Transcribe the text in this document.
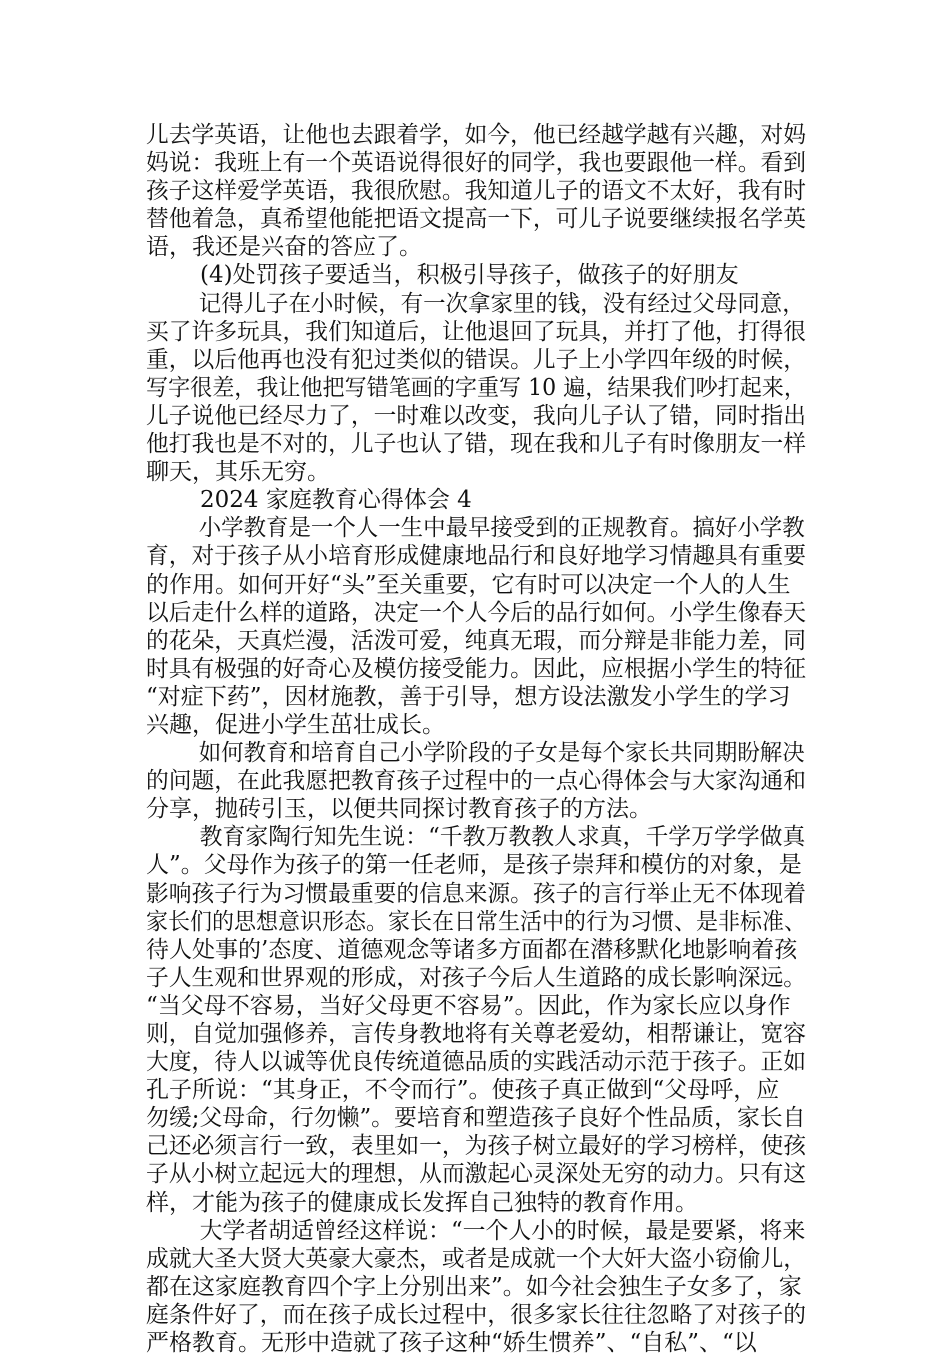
儿去学英语，让他也去跟着学，如今，他已经越学越有兴趣，对妈
妈说：我班上有一个英语说得很好的同学，我也要跟他一样。看到
孩子这样爱学英语，我很欣慰。我知道儿子的语文不太好，我有时
替他着急，真希望他能把语文提高一下，可儿子说要继续报名学英
语，我还是兴奋的答应了。
(4)处罚孩子要适当，积极引导孩子，做孩子的好朋友
记得儿子在小时候，有一次拿家里的钱，没有经过父母同意，
买了许多玩具，我们知道后，让他退回了玩具，并打了他，打得很
重，以后他再也没有犯过类似的错误。儿子上小学四年级的时候，
写字很差，我让他把写错笔画的字重写 10 遍，结果我们吵打起来，
儿子说他已经尽力了，一时难以改变，我向儿子认了错，同时指出
他打我也是不对的，儿子也认了错，现在我和儿子有时像朋友一样
聊天，其乐无穷。
2024 家庭教育心得体会 4
小学教育是一个人一生中最早接受到的正规教育。搞好小学教
育，对于孩子从小培育形成健康地品行和良好地学习情趣具有重要
的作用。如何开好“头”至关重要，它有时可以决定一个人的人生
以后走什么样的道路，决定一个人今后的品行如何。小学生像春天
的花朵，天真烂漫，活泼可爱，纯真无瑕，而分辩是非能力差，同
时具有极强的好奇心及模仿接受能力。因此，应根据小学生的特征
“对症下药”，因材施教，善于引导，想方设法激发小学生的学习
兴趣，促进小学生茁壮成长。
如何教育和培育自己小学阶段的子女是每个家长共同期盼解决
的问题，在此我愿把教育孩子过程中的一点心得体会与大家沟通和
分享，抛砖引玉，以便共同探讨教育孩子的方法。
教育家陶行知先生说：“千教万教教人求真，千学万学学做真
人”。父母作为孩子的第一任老师，是孩子崇拜和模仿的对象，是
影响孩子行为习惯最重要的信息来源。孩子的言行举止无不体现着
家长们的思想意识形态。家长在日常生活中的行为习惯、是非标准、
待人处事的’态度、道德观念等诸多方面都在潜移默化地影响着孩
子人生观和世界观的形成，对孩子今后人生道路的成长影响深远。
“当父母不容易，当好父母更不容易”。因此，作为家长应以身作
则，自觉加强修养，言传身教地将有关尊老爱幼，相帮谦让，宽容
大度，待人以诚等优良传统道德品质的实践活动示范于孩子。正如
孔子所说：“其身正，不令而行”。使孩子真正做到“父母呼，应
勿缓;父母命，行勿懒”。要培育和塑造孩子良好个性品质，家长自
己还必须言行一致，表里如一，为孩子树立最好的学习榜样，使孩
子从小树立起远大的理想，从而激起心灵深处无穷的动力。只有这
样，才能为孩子的健康成长发挥自己独特的教育作用。
大学者胡适曾经这样说：“一个人小的时候，最是要紧，将来
成就大圣大贤大英豪大豪杰，或者是成就一个大奸大盗小窃偷儿，
都在这家庭教育四个字上分别出来”。如今社会独生子女多了，家
庭条件好了，而在孩子成长过程中，很多家长往往忽略了对孩子的
严格教育。无形中造就了孩子这种“娇生惯养”、“自私”、“以
